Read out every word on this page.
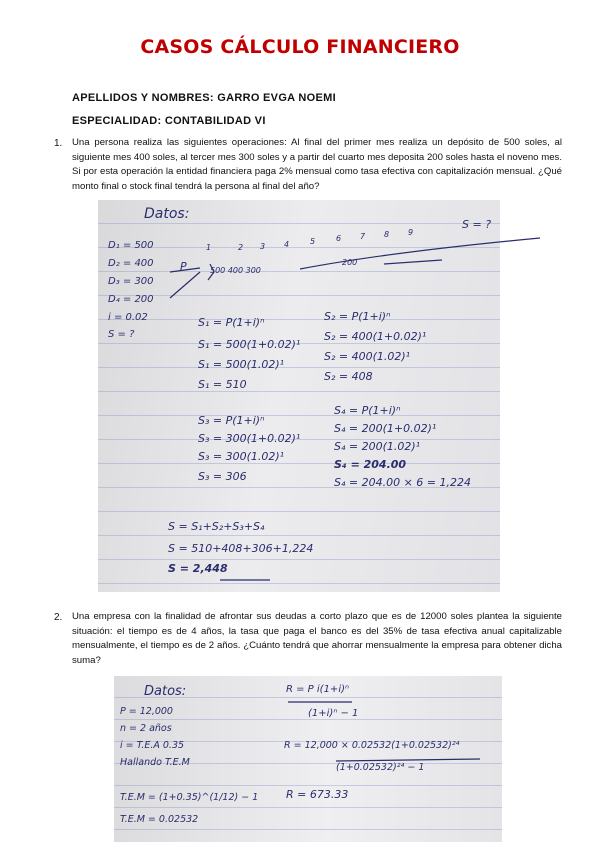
CASOS CÁLCULO FINANCIERO
APELLIDOS Y NOMBRES: GARRO EVGA NOEMI
ESPECIALIDAD: CONTABILIDAD VI
1. Una persona realiza las siguientes operaciones: Al final del primer mes realiza un depósito de 500 soles, al siguiente mes 400 soles, al tercer mes 300 soles y a partir del cuarto mes deposita 200 soles hasta el noveno mes. Si por esta operación la entidad financiera paga 2% mensual como tasa efectiva con capitalización mensual. ¿Qué monto final o stock final tendrá la persona al final del año?
Datos:
D₁ = 500
D₂ = 400
D₃ = 300
D₄ = 200
i = 0.02
S = ?
P
1	2 3 4	5	6 7 8 9
S = ?
500 400 300
200
S₁ = P(1+i)ⁿ
S₁ = 500(1+0.02)¹
S₁ = 500(1.02)¹
S₁ = 510
S₂ = P(1+i)ⁿ
S₂ = 400(1+0.02)¹
S₂ = 400(1.02)¹
S₂ = 408
S₃ = P(1+i)ⁿ
S₃ = 300(1+0.02)¹
S₃ = 300(1.02)¹
S₃ = 306
S₄ = P(1+i)ⁿ
S₄ = 200(1+0.02)¹
S₄ = 200(1.02)¹
S₄ = 204.00
S₄ = 204.00 × 6 = 1,224
S = S₁+S₂+S₃+S₄
S = 510+408+306+1,224
S = 2,448
2. Una empresa con la finalidad de afrontar sus deudas a corto plazo que es de 12000 soles plantea la siguiente situación: el tiempo es de 4 años, la tasa que paga el banco es del 35% de tasa efectiva anual capitalizable mensualmente, el tiempo es de 2 años. ¿Cuánto tendrá que ahorrar mensualmente la empresa para obtener dicha suma?
Datos:
P = 12,000
n = 2 años
i = T.E.A 0.35
Hallando T.E.M
T.E.M = (1+0.35)^(1/12) − 1
T.E.M = 0.02532
R = P i(1+i)ⁿ
(1+i)ⁿ − 1
R = 12,000 × 0.02532(1+0.02532)²⁴
(1+0.02532)²⁴ − 1
R = 673.33
